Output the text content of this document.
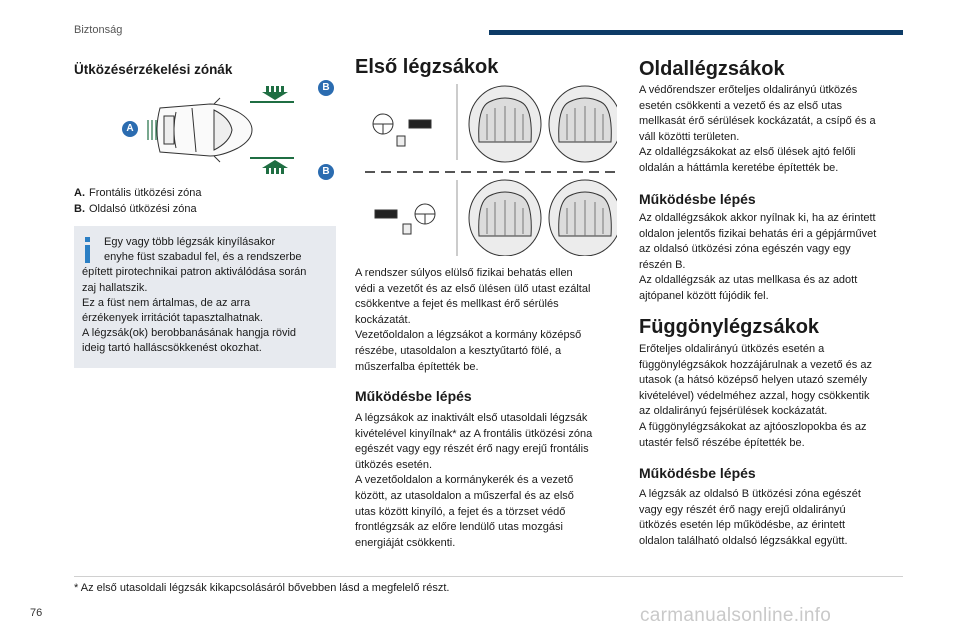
Biztonság
Ütközésérzékelési zónák
A
B
B
A. Frontális ütközési zóna
B. Oldalsó ütközési zóna
Egy vagy több légzsák kinyílásakor
enyhe füst szabadul fel, és a rendszerbe
épített pirotechnikai patron aktiválódása során
zaj hallatszik.
Ez a füst nem ártalmas, de az arra
érzékenyek irritációt tapasztalhatnak.
A légzsák(ok) berobbanásának hangja rövid
ideig tartó halláscsökkenést okozhat.
Első légzsákok

A rendszer súlyos elülső fizikai behatás ellen

védi a vezetőt és az első ülésen ülő utast ezáltal

csökkentve a fejet és mellkast érő sérülés

kockázatát.

Vezetőoldalon a légzsákot a kormány középső

részébe, utasoldalon a kesztyűtartó fölé, a

műszerfalba építették be.

Működésbe lépés

A légzsákok az inaktivált első utasoldali légzsák

kivételével kinyílnak* az A frontális ütközési zóna

egészét vagy egy részét érő nagy erejű frontális

ütközés esetén.

A vezetőoldalon a kormánykerék és a vezető

között, az utasoldalon a műszerfal és az első

utas között kinyíló, a fejet és a törzset védő

frontlégzsák az előre lendülő utas mozgási

energiáját csökkenti.

Oldallégzsákok

A védőrendszer erőteljes oldalirányú ütközés

esetén csökkenti a vezető és az első utas

mellkasát érő sérülések kockázatát, a csípő és a

váll közötti területen.

Az oldallégzsákokat az első ülések ajtó felőli

oldalán a háttámla keretébe építették be.

Működésbe lépés

Az oldallégzsákok akkor nyílnak ki, ha az érintett

oldalon jelentős fizikai behatás éri a gépjárművet

az oldalsó ütközési zóna egészén vagy egy

részén B.

Az oldallégzsák az utas mellkasa és az adott

ajtópanel között fújódik fel.

Függönylégzsákok

Erőteljes oldalirányú ütközés esetén a

függönylégzsákok hozzájárulnak a vezető és az

utasok (a hátsó középső helyen utazó személy

kivételével) védelméhez azzal, hogy csökkentik

az oldalirányú fejsérülések kockázatát.

A függönylégzsákokat az ajtóoszlopokba és az

utastér felső részébe építették be.

Működésbe lépés

A légzsák az oldalsó B ütközési zóna egészét

vagy egy részét érő nagy erejű oldalirányú

ütközés esetén lép működésbe, az érintett

oldalon található oldalsó légzsákkal együtt.

* Az első utasoldali légzsák kikapcsolásáról bővebben lásd a megfelelő részt.
76	carmanualsonline.info
